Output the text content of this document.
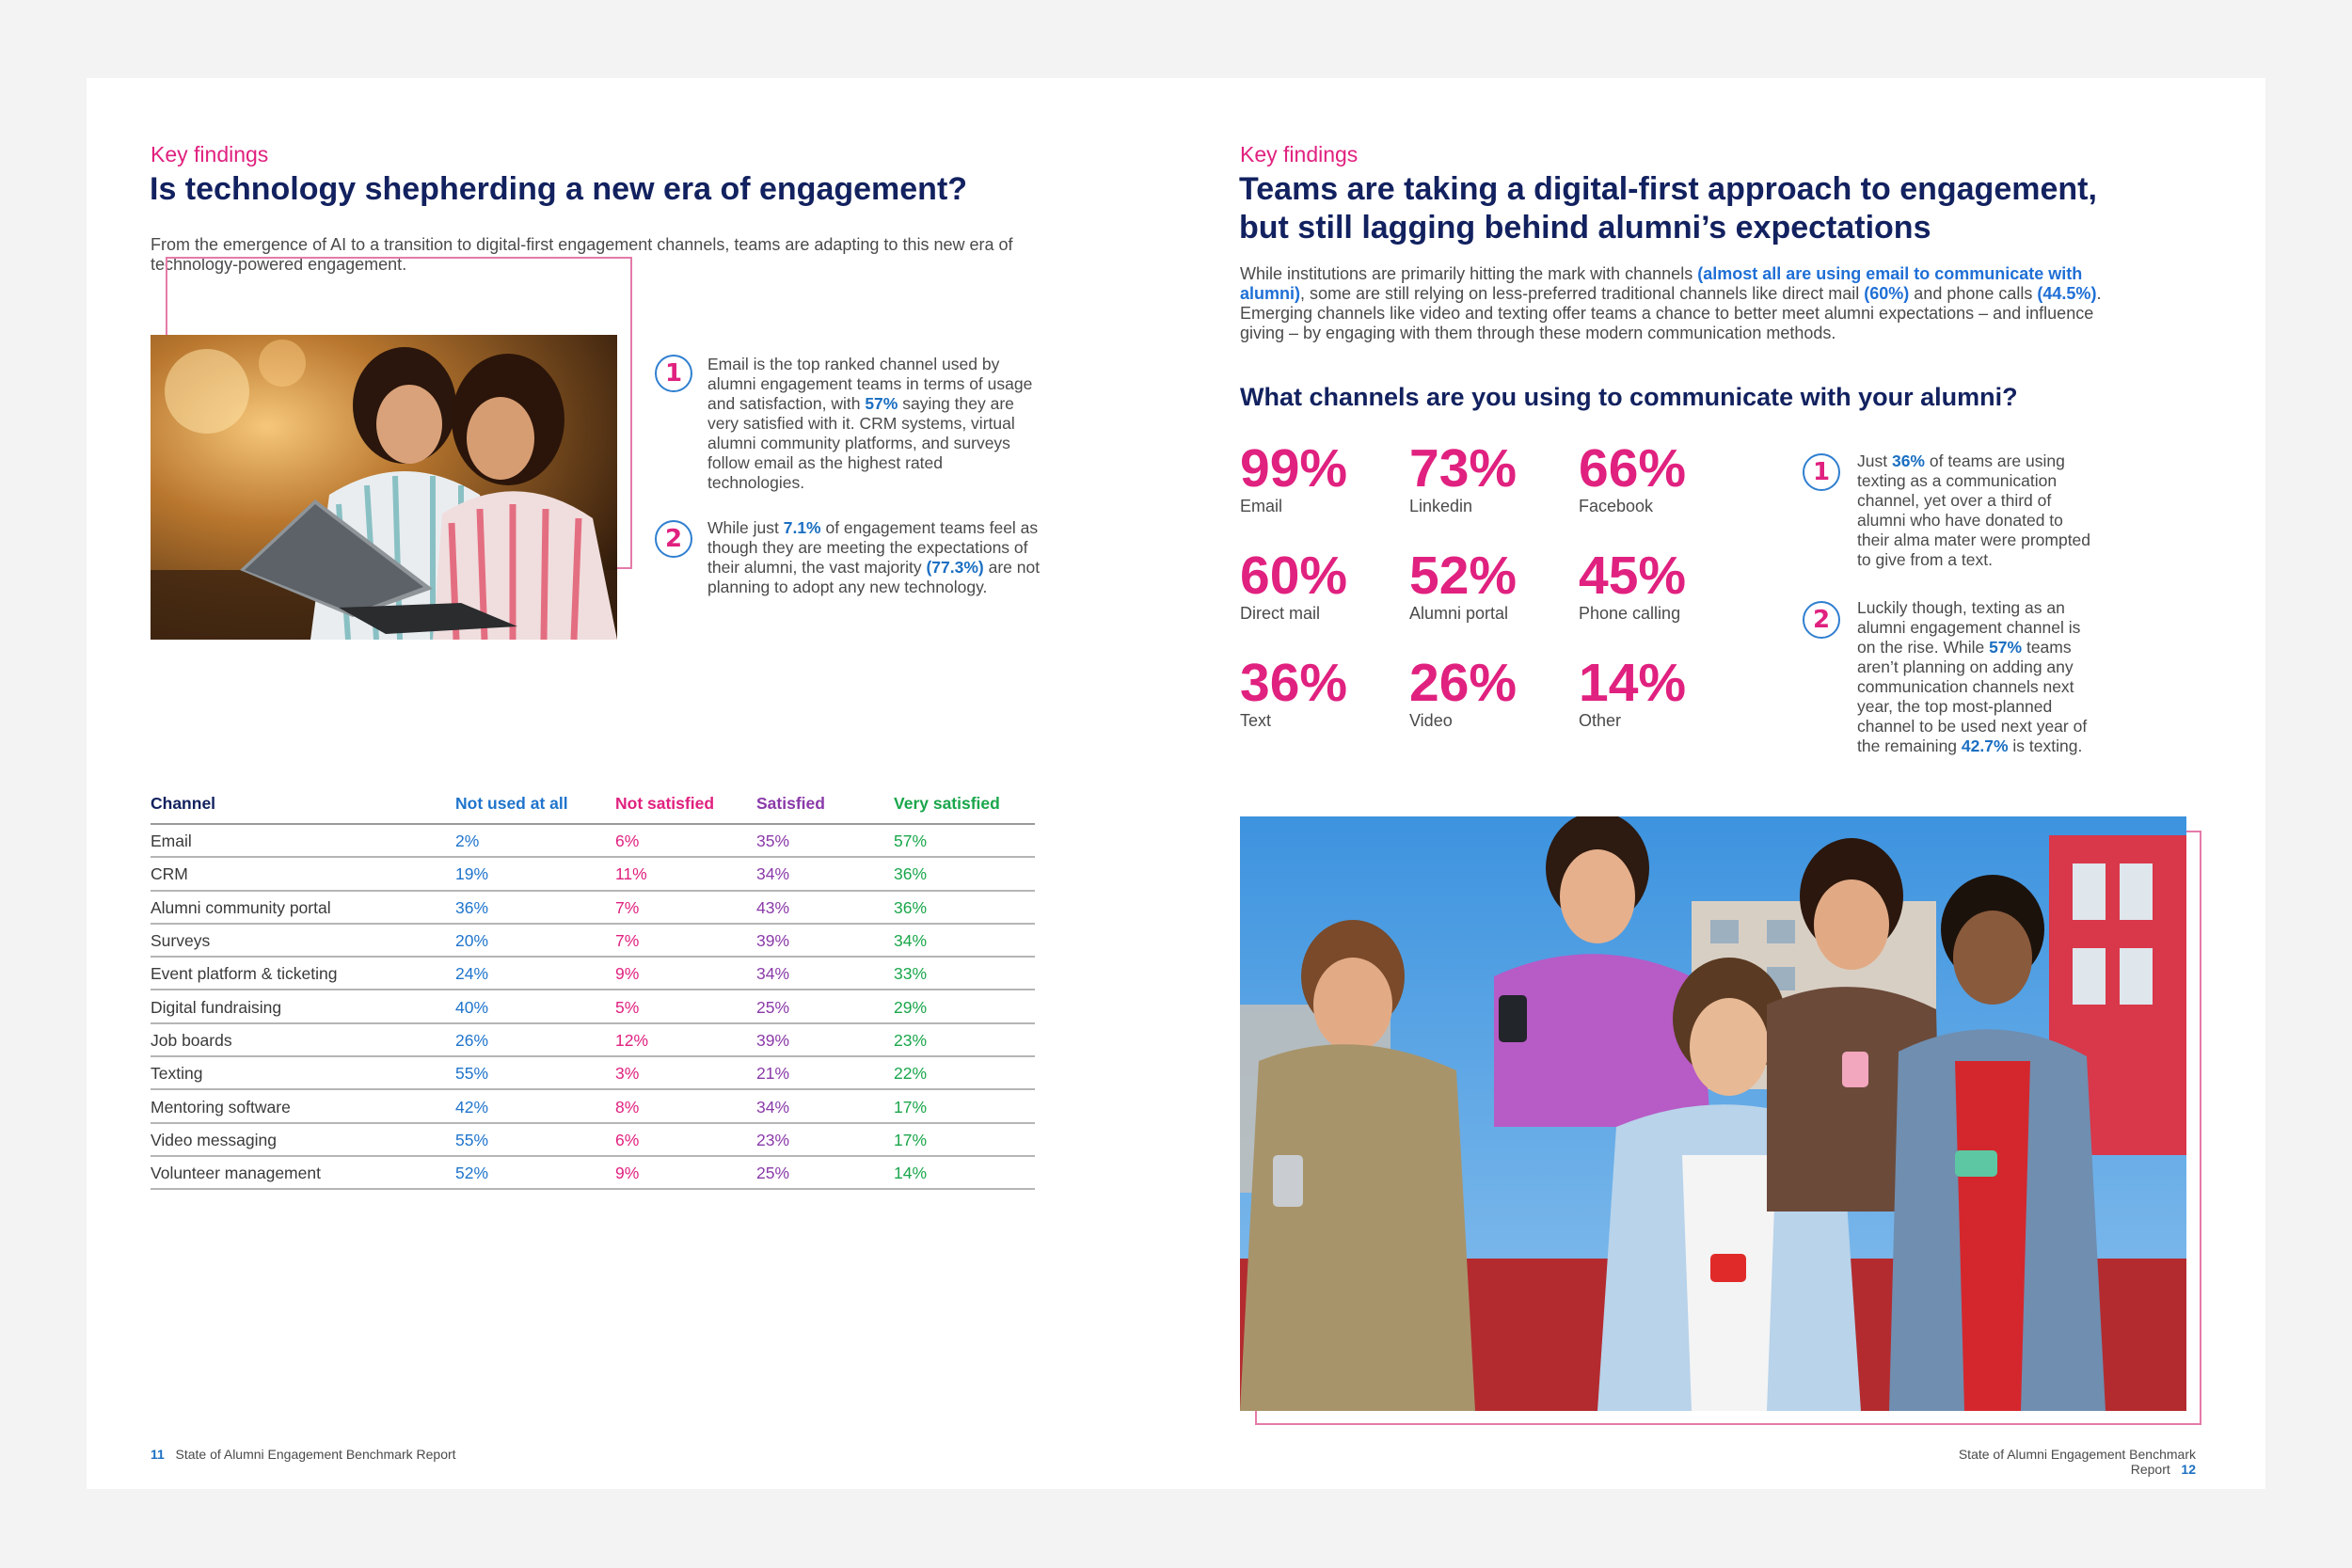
Key findings
Is technology shepherding a new era of engagement?
From the emergence of AI to a transition to digital-first engagement channels, teams are adapting to this new era of technology-powered engagement.
1	Email is the top ranked channel used by alumni engagement teams in terms of usage and satisfaction, with 57% saying they are very satisfied with it. CRM systems, virtual alumni community platforms, and surveys follow email as the highest rated technologies.
2	While just 7.1% of engagement teams feel as though they are meeting the expectations of their alumni, the vast majority (77.3%) are not planning to adopt any new technology.
Channel	Not used at all	Not satisfied	Satisfied	Very satisfied
Email	2%	6%	35%	57%
CRM	19%	11%	34%	36%
Alumni community portal	36%	7%	43%	36%
Surveys	20%	7%	39%	34%
Event platform & ticketing	24%	9%	34%	33%
Digital fundraising	40%	5%	25%	29%
Job boards	26%	12%	39%	23%
Texting	55%	3%	21%	22%
Mentoring software	42%	8%	34%	17%
Video messaging	55%	6%	23%	17%
Volunteer management	52%	9%	25%	14%
11 State of Alumni Engagement Benchmark Report
Key findings
Teams are taking a digital-first approach to engagement,
but still lagging behind alumni’s expectations
While institutions are primarily hitting the mark with channels (almost all are using email to communicate with alumni), some are still relying on less-preferred traditional channels like direct mail (60%) and phone calls (44.5%). Emerging channels like video and texting offer teams a chance to better meet alumni expectations – and influence giving – by engaging with them through these modern communication methods.
What channels are you using to communicate with your alumni?
99%
Email
73%
Linkedin
66%
Facebook
60%
Direct mail
52%
Alumni portal
45%
Phone calling
36%
Text
26%
Video
14%
Other
1	Just 36% of teams are using texting as a communication channel, yet over a third of alumni who have donated to their alma mater were prompted to give from a text.
2	Luckily though, texting as an alumni engagement channel is on the rise. While 57% teams aren’t planning on adding any communication channels next year, the top most-planned channel to be used next year of the remaining 42.7% is texting.
State of Alumni Engagement Benchmark Report 12
